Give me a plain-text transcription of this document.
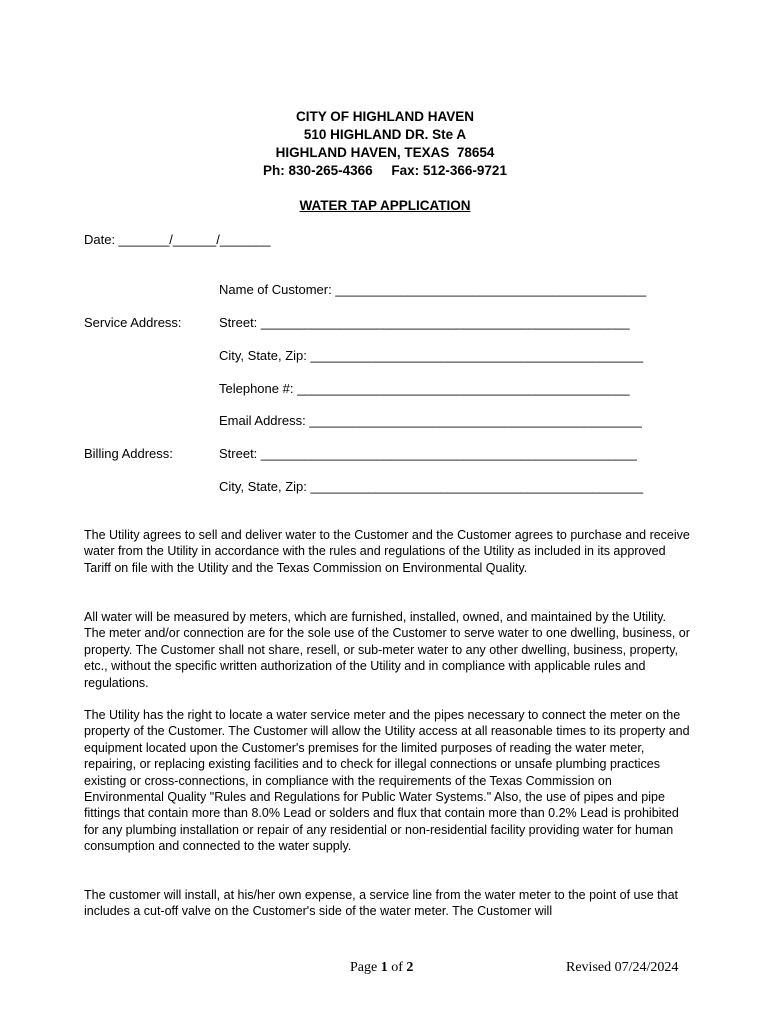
CITY OF HIGHLAND HAVEN
510 HIGHLAND DR. Ste A
HIGHLAND HAVEN, TEXAS  78654
Ph: 830-265-4366     Fax: 512-366-9721
WATER TAP APPLICATION
Date: _______/______/_______
Name of Customer: ___________________________________________
Service Address:	Street: ___________________________________________________
City, State, Zip: ______________________________________________
Telephone #: ______________________________________________
Email Address: ______________________________________________
Billing Address:	Street: ____________________________________________________
City, State, Zip: ______________________________________________

The Utility agrees to sell and deliver water to the Customer and the Customer agrees to purchase and receive water from the Utility in accordance with the rules and regulations of the Utility as included in its approved Tariff on file with the Utility and the Texas Commission on Environmental Quality.

All water will be measured by meters, which are furnished, installed, owned, and maintained by the Utility. The meter and/or connection are for the sole use of the Customer to serve water to one dwelling, business, or property. The Customer shall not share, resell, or sub-meter water to any other dwelling, business, property, etc., without the specific written authorization of the Utility and in compliance with applicable rules and regulations.

The Utility has the right to locate a water service meter and the pipes necessary to connect the meter on the property of the Customer. The Customer will allow the Utility access at all reasonable times to its property and equipment located upon the Customer's premises for the limited purposes of reading the water meter, repairing, or replacing existing facilities and to check for illegal connections or unsafe plumbing practices existing or cross-connections, in compliance with the requirements of the Texas Commission on Environmental Quality "Rules and Regulations for Public Water Systems." Also, the use of pipes and pipe fittings that contain more than 8.0% Lead or solders and flux that contain more than 0.2% Lead is prohibited for any plumbing installation or repair of any residential or non-residential facility providing water for human consumption and connected to the water supply.

The customer will install, at his/her own expense, a service line from the water meter to the point of use that includes a cut-off valve on the Customer's side of the water meter. The Customer will

Page 1 of 2	Revised 07/24/2024
